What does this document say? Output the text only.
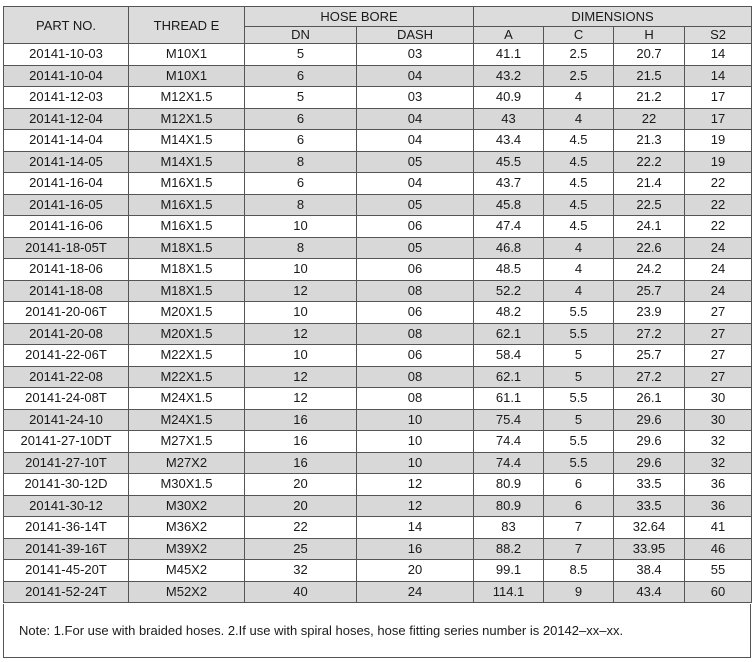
PART NO.	THREAD E	HOSE BORE		DIMENSIONS			
		DN	DASH	A	C	H	S2
20141-10-03	M10X1	5	03	41.1	2.5	20.7	14
20141-10-04	M10X1	6	04	43.2	2.5	21.5	14
20141-12-03	M12X1.5	5	03	40.9	4	21.2	17
20141-12-04	M12X1.5	6	04	43	4	22	17
20141-14-04	M14X1.5	6	04	43.4	4.5	21.3	19
20141-14-05	M14X1.5	8	05	45.5	4.5	22.2	19
20141-16-04	M16X1.5	6	04	43.7	4.5	21.4	22
20141-16-05	M16X1.5	8	05	45.8	4.5	22.5	22
20141-16-06	M16X1.5	10	06	47.4	4.5	24.1	22
20141-18-05T	M18X1.5	8	05	46.8	4	22.6	24
20141-18-06	M18X1.5	10	06	48.5	4	24.2	24
20141-18-08	M18X1.5	12	08	52.2	4	25.7	24
20141-20-06T	M20X1.5	10	06	48.2	5.5	23.9	27
20141-20-08	M20X1.5	12	08	62.1	5.5	27.2	27
20141-22-06T	M22X1.5	10	06	58.4	5	25.7	27
20141-22-08	M22X1.5	12	08	62.1	5	27.2	27
20141-24-08T	M24X1.5	12	08	61.1	5.5	26.1	30
20141-24-10	M24X1.5	16	10	75.4	5	29.6	30
20141-27-10DT	M27X1.5	16	10	74.4	5.5	29.6	32
20141-27-10T	M27X2	16	10	74.4	5.5	29.6	32
20141-30-12D	M30X1.5	20	12	80.9	6	33.5	36
20141-30-12	M30X2	20	12	80.9	6	33.5	36
20141-36-14T	M36X2	22	14	83	7	32.64	41
20141-39-16T	M39X2	25	16	88.2	7	33.95	46
20141-45-20T	M45X2	32	20	99.1	8.5	38.4	55
20141-52-24T	M52X2	40	24	114.1	9	43.4	60
Note: 1.For use with braided hoses. 2.If use with spiral hoses, hose fitting series number is 20142–xx–xx.
